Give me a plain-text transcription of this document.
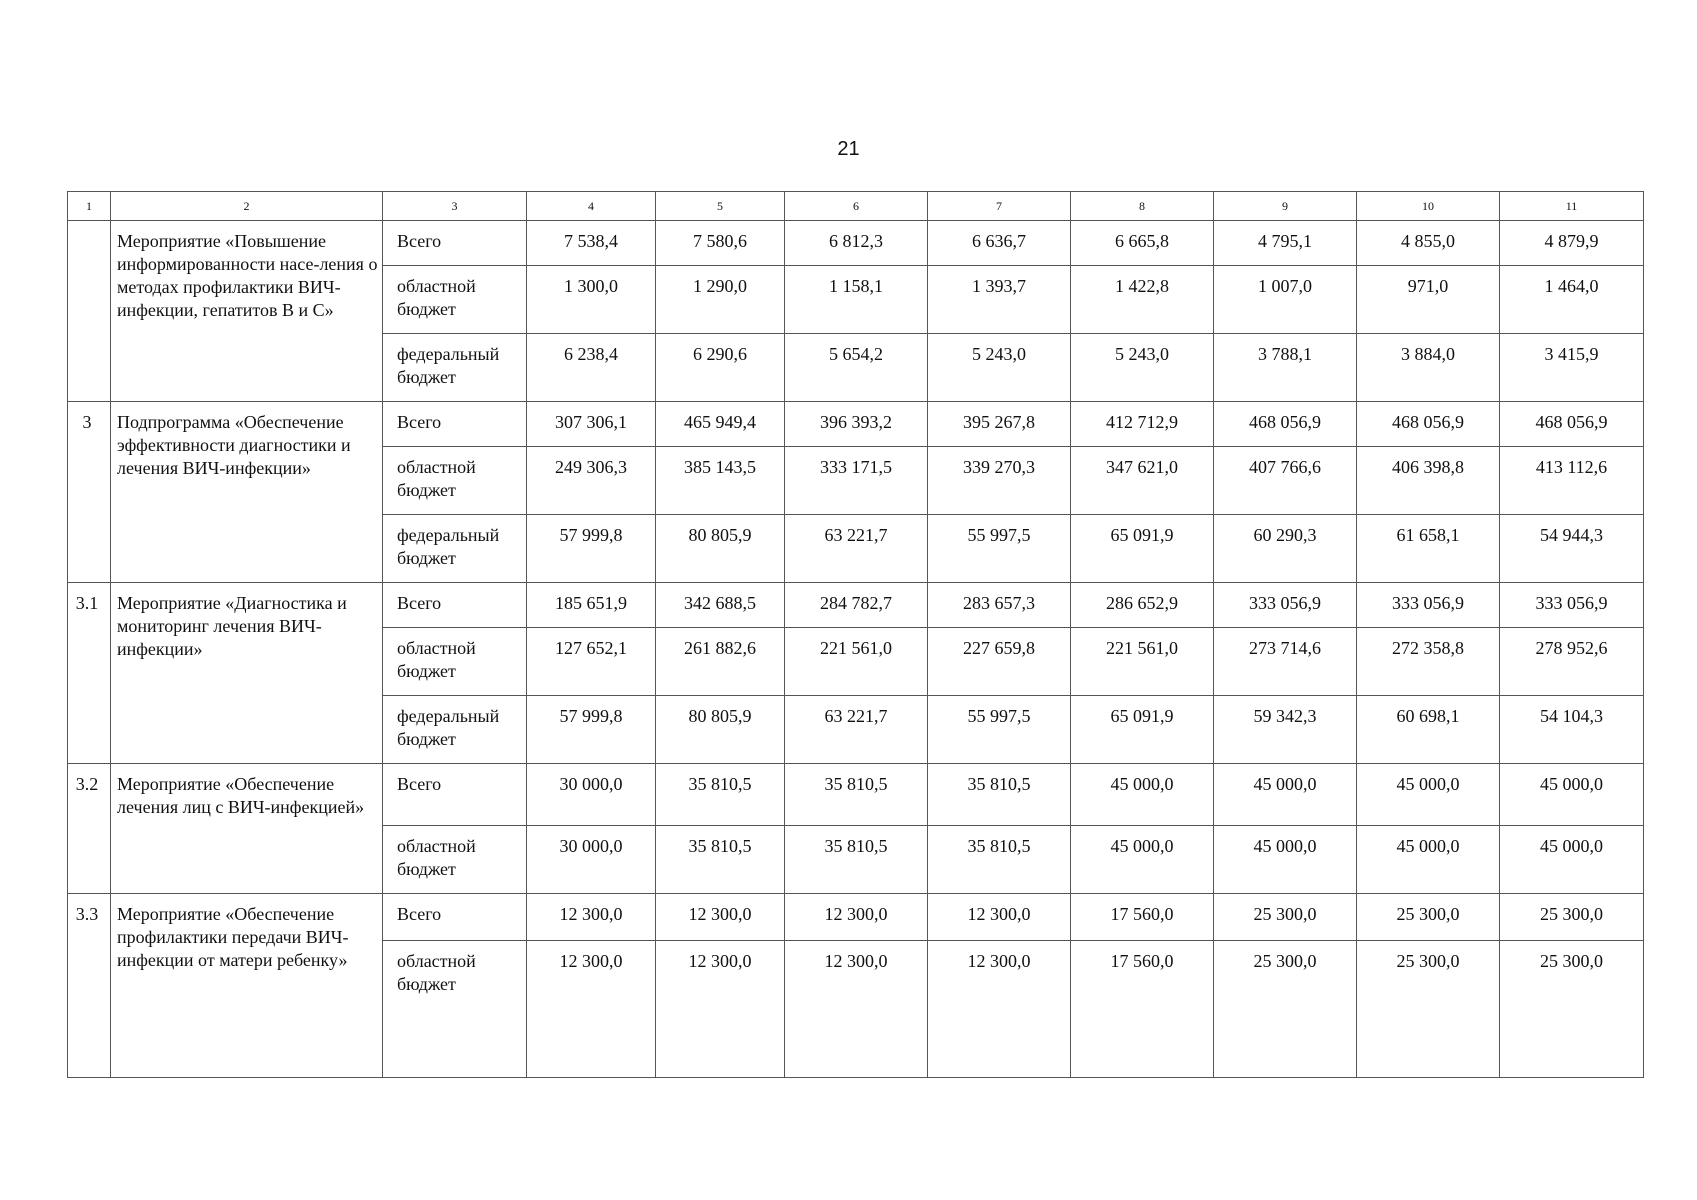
21
1	2	3	4	5	6	7	8	9	10	11
	Мероприятие «Повышение информированности насе-ления о методах профилактики ВИЧ-инфекции, гепатитов В и С»	Всего	7 538,4	7 580,6	6 812,3	6 636,7	6 665,8	4 795,1	4 855,0	4 879,9
		областной бюджет	1 300,0	1 290,0	1 158,1	1 393,7	1 422,8	1 007,0	971,0	1 464,0
		федеральный бюджет	6 238,4	6 290,6	5 654,2	5 243,0	5 243,0	3 788,1	3 884,0	3 415,9
3	Подпрограмма «Обеспечение эффективности диагностики и лечения ВИЧ-инфекции»	Всего	307 306,1	465 949,4	396 393,2	395 267,8	412 712,9	468 056,9	468 056,9	468 056,9
		областной бюджет	249 306,3	385 143,5	333 171,5	339 270,3	347 621,0	407 766,6	406 398,8	413 112,6
		федеральный бюджет	57 999,8	80 805,9	63 221,7	55 997,5	65 091,9	60 290,3	61 658,1	54 944,3
3.1	Мероприятие «Диагностика и мониторинг лечения ВИЧ-инфекции»	Всего	185 651,9	342 688,5	284 782,7	283 657,3	286 652,9	333 056,9	333 056,9	333 056,9
		областной бюджет	127 652,1	261 882,6	221 561,0	227 659,8	221 561,0	273 714,6	272 358,8	278 952,6
		федеральный бюджет	57 999,8	80 805,9	63 221,7	55 997,5	65 091,9	59 342,3	60 698,1	54 104,3
3.2	Мероприятие «Обеспечение лечения лиц с ВИЧ-инфекцией»	Всего	30 000,0	35 810,5	35 810,5	35 810,5	45 000,0	45 000,0	45 000,0	45 000,0
		областной бюджет	30 000,0	35 810,5	35 810,5	35 810,5	45 000,0	45 000,0	45 000,0	45 000,0
3.3	Мероприятие «Обеспечение профилактики передачи ВИЧ-инфекции от матери ребенку»	Всего	12 300,0	12 300,0	12 300,0	12 300,0	17 560,0	25 300,0	25 300,0	25 300,0
		областной бюджет	12 300,0	12 300,0	12 300,0	12 300,0	17 560,0	25 300,0	25 300,0	25 300,0
